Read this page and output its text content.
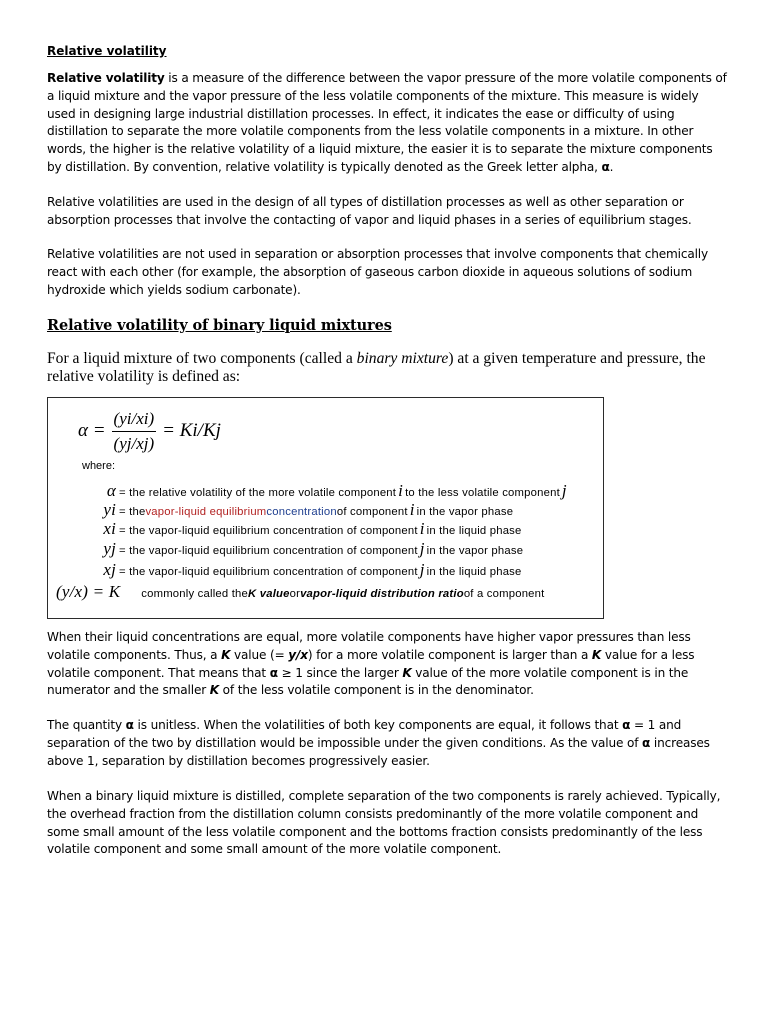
Relative volatility

Relative volatility is a measure of the difference between the vapor pressure of the more volatile components of a liquid mixture and the vapor pressure of the less volatile components of the mixture. This measure is widely used in designing large industrial distillation processes. In effect, it indicates the ease or difficulty of using distillation to separate the more volatile components from the less volatile components in a mixture. In other words, the higher is the relative volatility of a liquid mixture, the easier it is to separate the mixture components by distillation. By convention, relative volatility is typically denoted as the Greek letter alpha, α.

Relative volatilities are used in the design of all types of distillation processes as well as other separation or absorption processes that involve the contacting of vapor and liquid phases in a series of equilibrium stages.

Relative volatilities are not used in separation or absorption processes that involve components that chemically react with each other (for example, the absorption of gaseous carbon dioxide in aqueous solutions of sodium hydroxide which yields sodium carbonate).

Relative volatility of binary liquid mixtures

For a liquid mixture of two components (called a binary mixture) at a given temperature and pressure, the relative volatility is defined as:

$\alpha = \frac{(yi/xi)}{(yj/xj)} = Ki/Kj$
where:
α = the relative volatility of the more volatile component i to the less volatile component j
yi = the vapor-liquid equilibrium concentration of component i in the vapor phase
xi = the vapor-liquid equilibrium concentration of component i in the liquid phase
yj = the vapor-liquid equilibrium concentration of component j in the vapor phase
xj = the vapor-liquid equilibrium concentration of component j in the liquid phase
(y/x) = K commonly called the K value or vapor-liquid distribution ratio of a component

When their liquid concentrations are equal, more volatile components have higher vapor pressures than less volatile components. Thus, a K value (= y/x) for a more volatile component is larger than a K value for a less volatile component. That means that α ≥ 1 since the larger K value of the more volatile component is in the numerator and the smaller K of the less volatile component is in the denominator.

The quantity α is unitless. When the volatilities of both key components are equal, it follows that α = 1 and separation of the two by distillation would be impossible under the given conditions. As the value of α increases above 1, separation by distillation becomes progressively easier.

When a binary liquid mixture is distilled, complete separation of the two components is rarely achieved. Typically, the overhead fraction from the distillation column consists predominantly of the more volatile component and some small amount of the less volatile component and the bottoms fraction consists predominantly of the less volatile component and some small amount of the more volatile component.
